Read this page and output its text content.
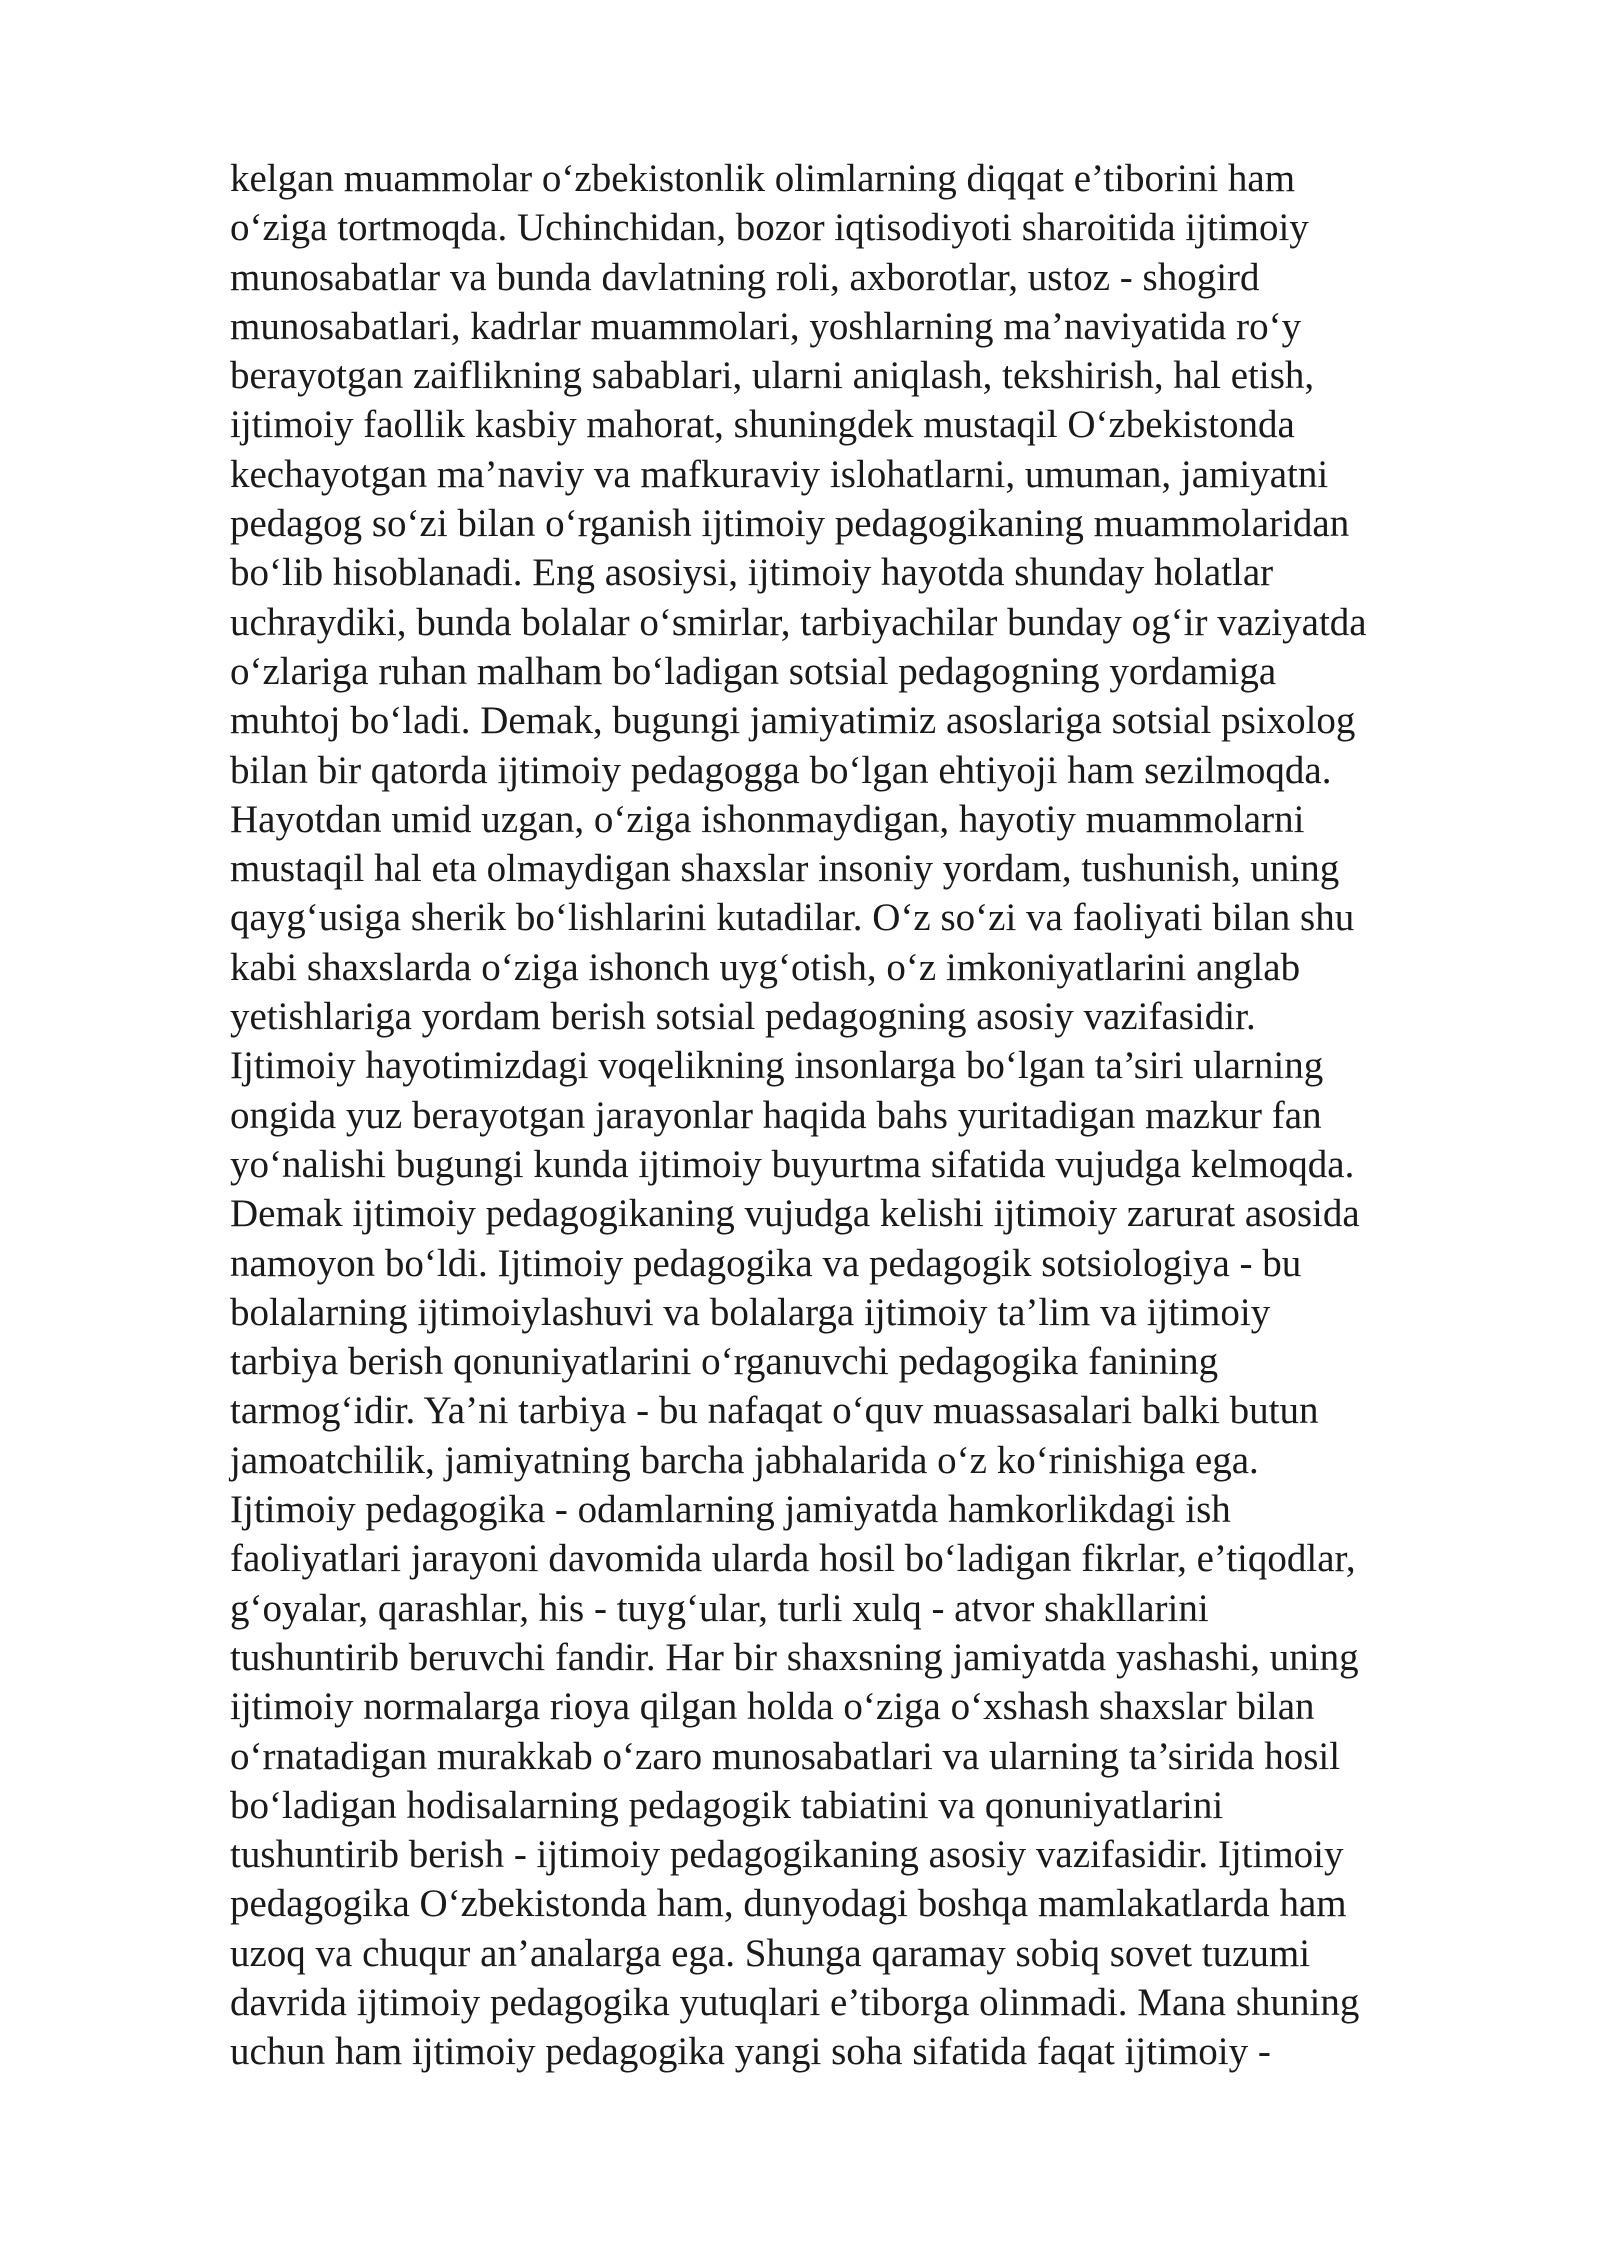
kelgan muammolar o‘zbekistonlik olimlarning diqqat e’tiborini ham
o‘ziga tortmoqda. Uchinchidan, bozor iqtisodiyoti sharoitida ijtimoiy
munosabatlar va bunda davlatning roli, axborotlar, ustoz - shogird
munosabatlari, kadrlar muammolari, yoshlarning ma’naviyatida ro‘y
berayotgan zaiflikning sabablari, ularni aniqlash, tekshirish, hal etish,
ijtimoiy faollik kasbiy mahorat, shuningdek mustaqil O‘zbekistonda
kechayotgan ma’naviy va mafkuraviy islohatlarni, umuman, jamiyatni
pedagog so‘zi bilan o‘rganish ijtimoiy pedagogikaning muammolaridan
bo‘lib hisoblanadi. Eng asosiysi, ijtimoiy hayotda shunday holatlar
uchraydiki, bunda bolalar o‘smirlar, tarbiyachilar bunday og‘ir vaziyatda
o‘zlariga ruhan malham bo‘ladigan sotsial pedagogning yordamiga
muhtoj bo‘ladi. Demak, bugungi jamiyatimiz asoslariga sotsial psixolog
bilan bir qatorda ijtimoiy pedagogga bo‘lgan ehtiyoji ham sezilmoqda.
Hayotdan umid uzgan, o‘ziga ishonmaydigan, hayotiy muammolarni
mustaqil hal eta olmaydigan shaxslar insoniy yordam, tushunish, uning
qayg‘usiga sherik bo‘lishlarini kutadilar. O‘z so‘zi va faoliyati bilan shu
kabi shaxslarda o‘ziga ishonch uyg‘otish, o‘z imkoniyatlarini anglab
yetishlariga yordam berish sotsial pedagogning asosiy vazifasidir.
Ijtimoiy hayotimizdagi voqelikning insonlarga bo‘lgan ta’siri ularning
ongida yuz berayotgan jarayonlar haqida bahs yuritadigan mazkur fan
yo‘nalishi bugungi kunda ijtimoiy buyurtma sifatida vujudga kelmoqda.
Demak ijtimoiy pedagogikaning vujudga kelishi ijtimoiy zarurat asosida
namoyon bo‘ldi. Ijtimoiy pedagogika va pedagogik sotsiologiya - bu
bolalarning ijtimoiylashuvi va bolalarga ijtimoiy ta’lim va ijtimoiy
tarbiya berish qonuniyatlarini o‘rganuvchi pedagogika fanining
tarmog‘idir. Ya’ni tarbiya - bu nafaqat o‘quv muassasalari balki butun
jamoatchilik, jamiyatning barcha jabhalarida o‘z ko‘rinishiga ega.
Ijtimoiy pedagogika - odamlarning jamiyatda hamkorlikdagi ish
faoliyatlari jarayoni davomida ularda hosil bo‘ladigan fikrlar, e’tiqodlar,
g‘oyalar, qarashlar, his - tuyg‘ular, turli xulq - atvor shakllarini
tushuntirib beruvchi fandir. Har bir shaxsning jamiyatda yashashi, uning
ijtimoiy normalarga rioya qilgan holda o‘ziga o‘xshash shaxslar bilan
o‘rnatadigan murakkab o‘zaro munosabatlari va ularning ta’sirida hosil
bo‘ladigan hodisalarning pedagogik tabiatini va qonuniyatlarini
tushuntirib berish - ijtimoiy pedagogikaning asosiy vazifasidir. Ijtimoiy
pedagogika O‘zbekistonda ham, dunyodagi boshqa mamlakatlarda ham
uzoq va chuqur an’analarga ega. Shunga qaramay sobiq sovet tuzumi
davrida ijtimoiy pedagogika yutuqlari e’tiborga olinmadi. Mana shuning
uchun ham ijtimoiy pedagogika yangi soha sifatida faqat ijtimoiy -
